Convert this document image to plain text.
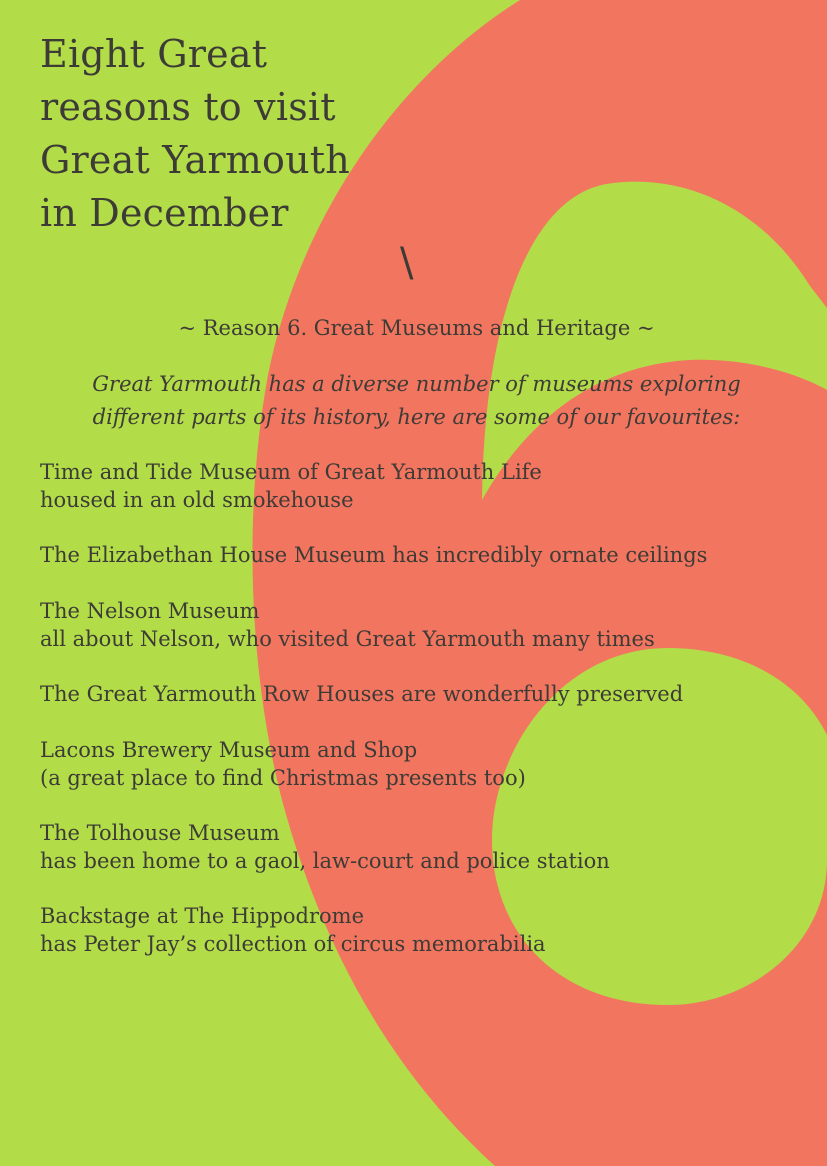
Eight Great
reasons to visit
Great Yarmouth
in December
\
~ Reason 6. Great Museums and Heritage ~
Great Yarmouth has a diverse number of museums exploring
different parts of its history, here are some of our favourites:
Time and Tide Museum of Great Yarmouth Life
housed in an old smokehouse
The Elizabethan House Museum has incredibly ornate ceilings
The Nelson Museum
all about Nelson, who visited Great Yarmouth many times
The Great Yarmouth Row Houses are wonderfully preserved
Lacons Brewery Museum and Shop
(a great place to find Christmas presents too)
The Tolhouse Museum
has been home to a gaol, law-court and police station
Backstage at The Hippodrome
has Peter Jay’s collection of circus memorabilia
